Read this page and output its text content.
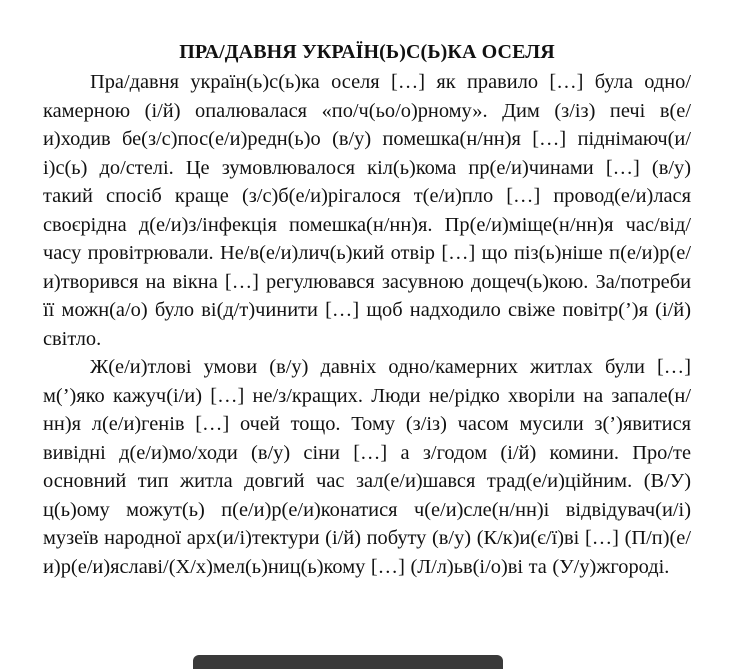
ПРА/ДАВНЯ УКРАЇН(Ь)С(Ь)КА ОСЕЛЯ

Пра/давня україн(ь)с(ь)ка оселя […] як правило […] була одно/камерною (і/й) опалювалася «по/ч(ьо/о)рному». Дим (з/із) печі в(е/и)ходив бе(з/с)пос(е/и)редн(ь)о (в/у) помешка(н/нн)я […] піднімаюч(и/і)с(ь) до/стелі. Це зумовлювалося кіл(ь)кома пр(е/и)чинами […] (в/у) такий спосіб краще (з/с)б(е/и)рігалося т(е/и)пло […] провод(е/и)лася своєрідна д(е/и)з/інфекція помешка(н/нн)я. Пр(е/и)міще(н/нн)я час/від/часу провітрювали. Не/в(е/и)лич(ь)кий отвір […] що піз(ь)ніше п(е/и)р(е/и)творився на вікна […] регулювався засувною дощеч(ь)кою. За/потреби її можн(а/о) було ві(д/т)чинити […] щоб надходило свіже повітр(’)я (і/й) світло.

Ж(е/и)тлові умови (в/у) давніх одно/камерних житлах були […] м(’)яко кажуч(і/и) […] не/з/кращих. Люди не/рідко хворіли на запале(н/нн)я л(е/и)генів […] очей тощо. Тому (з/із) часом мусили з(’)явитися вивідні д(е/и)мо/ходи (в/у) сіни […] а з/годом (і/й) комини. Про/те основний тип житла довгий час зал(е/и)шався трад(е/и)ційним. (В/У) ц(ь)ому можут(ь) п(е/и)р(е/и)конатися ч(е/и)сле(н/нн)і відвідувач(и/і) музеїв народної арх(и/і)тектури (і/й) побуту (в/у) (К/к)и(є/ї)ві […] (П/п)(е/и)р(е/и)яславі/(Х/х)мел(ь)ниц(ь)кому […] (Л/л)ьв(і/о)ві та (У/у)жгороді.
